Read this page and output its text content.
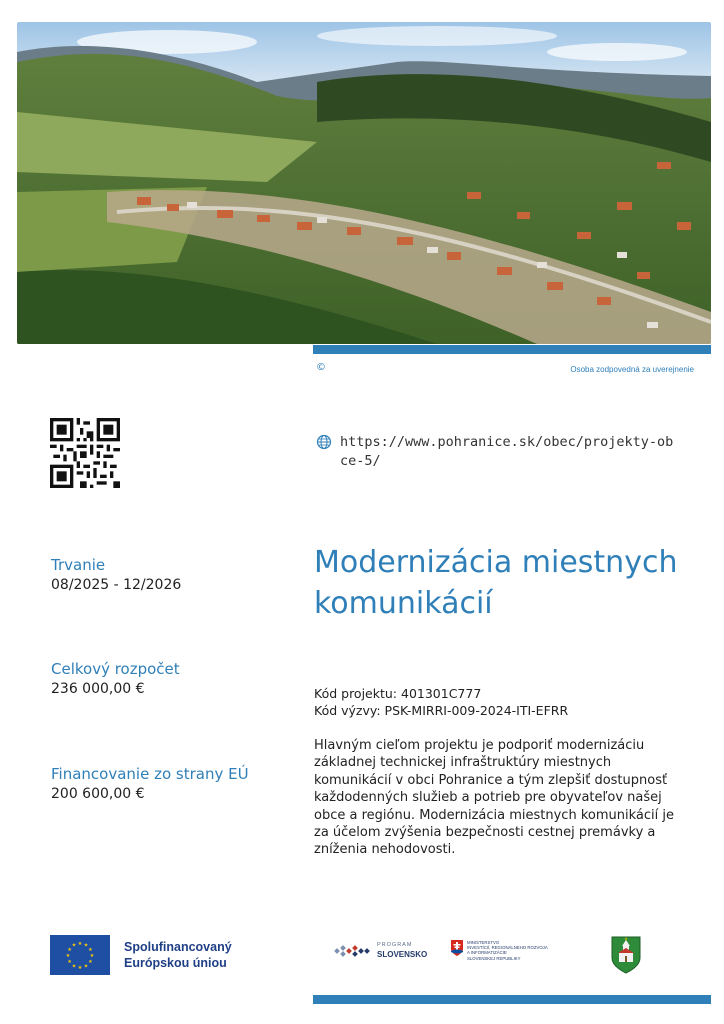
©	Osoba zodpovedná za uverejnenie
https://www.pohranice.sk/obec/projekty-obce-5/
Trvanie
08/2025 - 12/2026
Celkový rozpočet
236 000,00 €
Financovanie zo strany EÚ
200 600,00 €
Modernizácia miestnych komunikácií
Kód projektu: 401301C777
Kód výzvy: PSK-MIRRI-009-2024-ITI-EFRR

Hlavným cieľom projektu je podporiť modernizáciu základnej technickej infraštruktúry miestnych komunikácií v obci Pohranice a tým zlepšiť dostupnosť každodenných služieb a potrieb pre obyvateľov našej obce a regiónu. Modernizácia miestnych komunikácií je za účelom zvýšenia bezpečnosti cestnej premávky a zníženia nehodovosti.

★ ★
★
★
★
★
★
★
★
★
★
★	Spolufinancovaný
Európskou úniou
PROGRAM
SLOVENSKO
MINISTERSTVO
INVESTÍCIÍ, REGIONÁLNEHO ROZVOJA
A INFORMATIZÁCIE
SLOVENSKEJ REPUBLIKY
